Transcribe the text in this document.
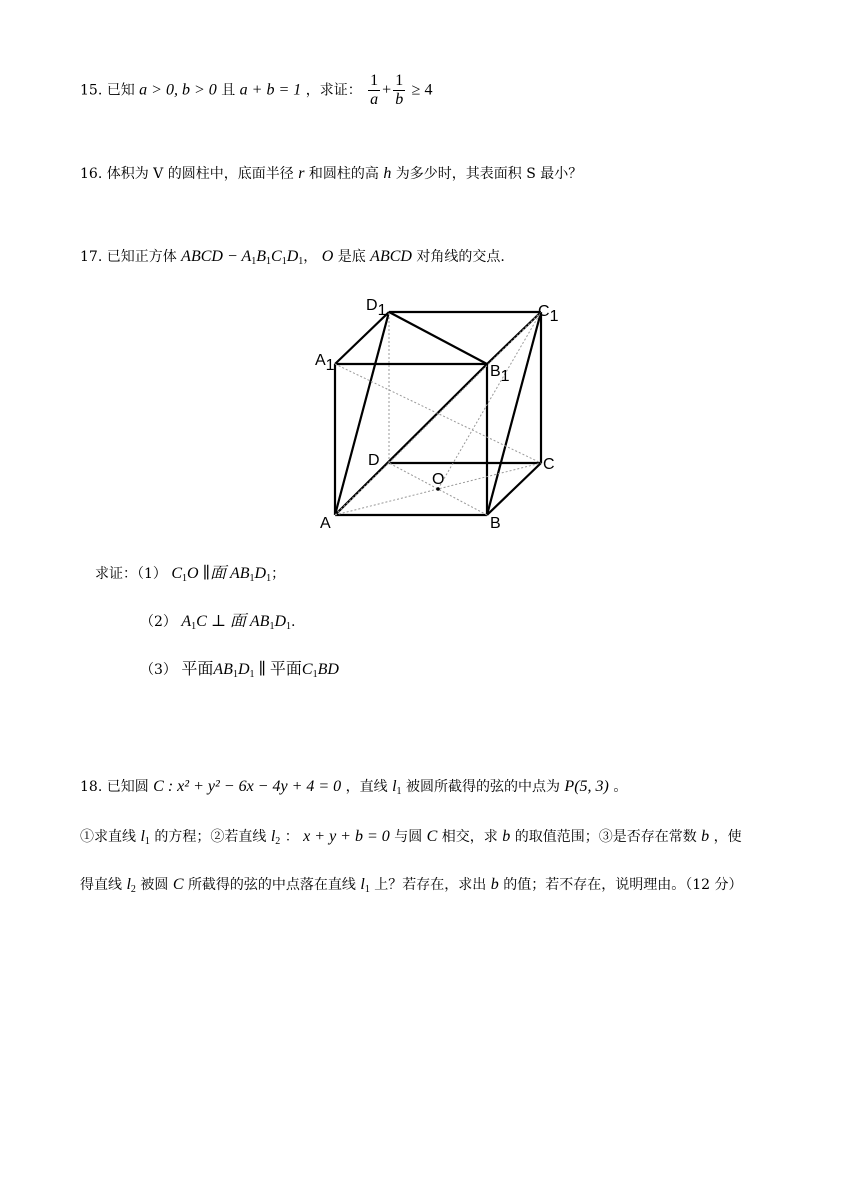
15. 已知 a > 0, b > 0 且 a + b = 1 ，求证： $\frac{1}{a} + \frac{1}{b} \ge 4$
16. 体积为 V 的圆柱中，底面半径 r 和圆柱的高 h 为多少时，其表面积 S 最小？
17. 已知正方体 ABCD − $A_1B_1C_1D_1$， O 是底 ABCD 对角线的交点.
D1	C1
A1	B1
D	C
O
A	B
求证：（1） $C_1O$ ∥面 $AB_1D_1$；
（2） $A_1C$ ⊥ 面 $AB_1D_1$.
（3） 平面$AB_1D_1$ ∥ 平面$C_1BD$
18. 已知圆 C : x² + y² − 6x − 4y + 4 = 0 ，直线 $l_1$ 被圆所截得的弦的中点为 P(5, 3) 。
①求直线 $l_1$ 的方程；②若直线 $l_2$ ： x + y + b = 0 与圆 C 相交，求 b 的取值范围；③是否存在常数 b ，使
得直线 $l_2$ 被圆 C 所截得的弦的中点落在直线 $l_1$ 上？若存在，求出 b 的值；若不存在，说明理由。（12 分）
